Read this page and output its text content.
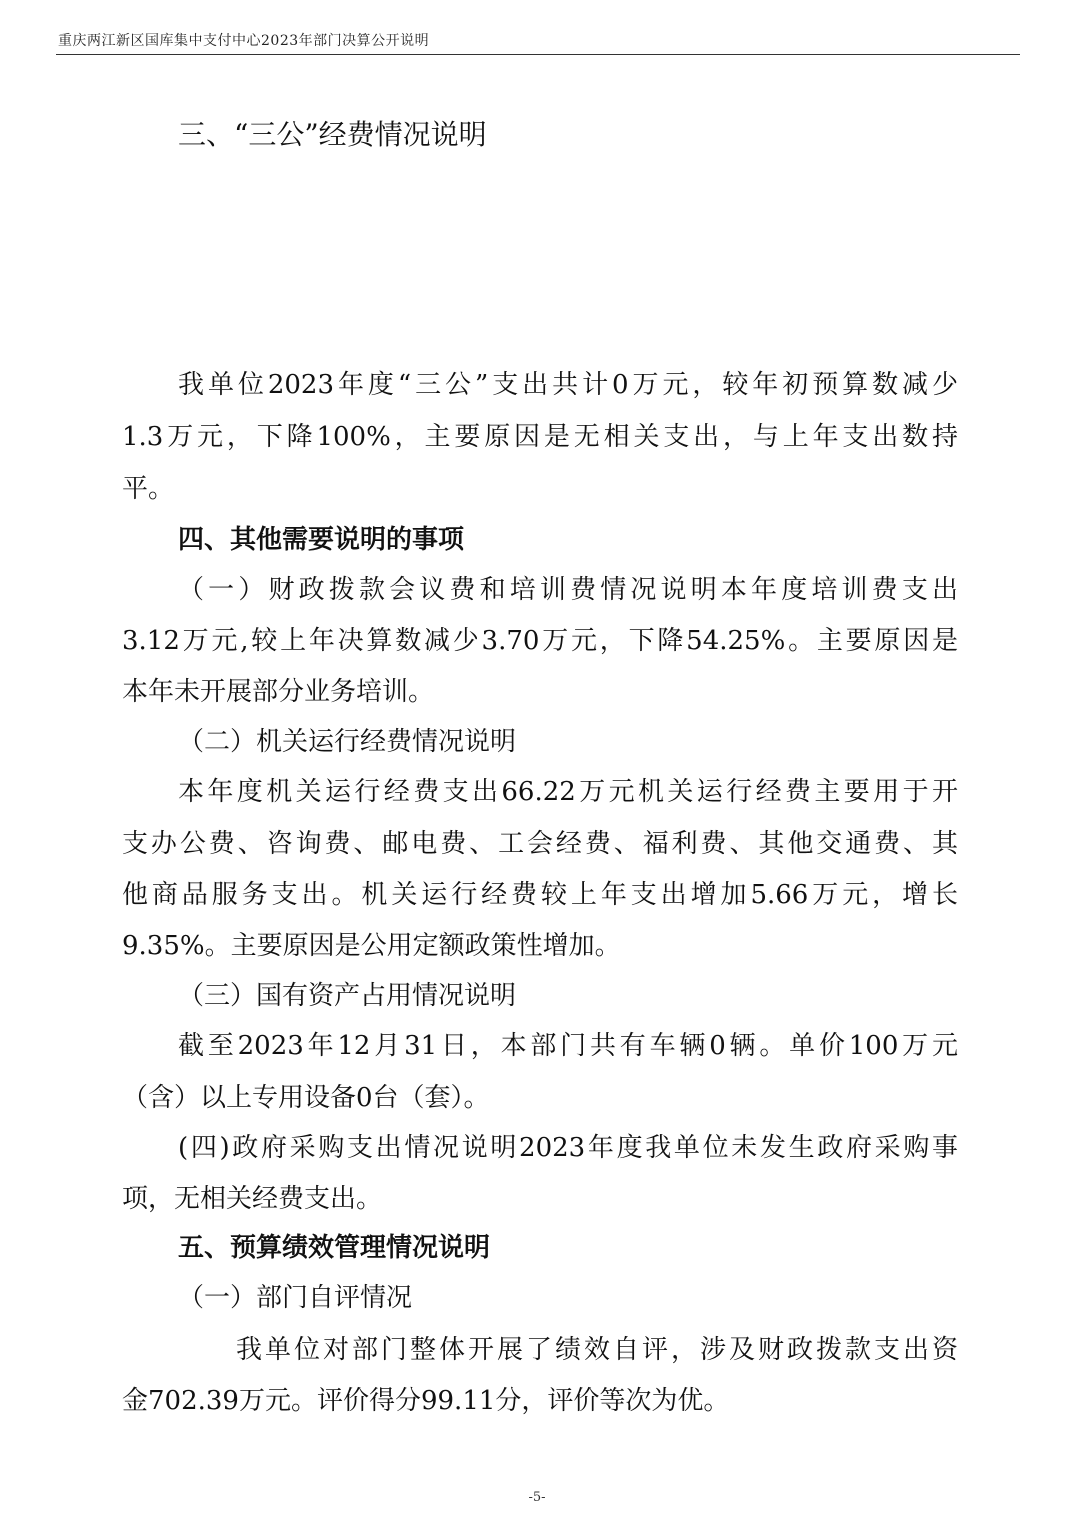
重庆两江新区国库集中支付中心2023年部门决算公开说明
三、“三公”经费情况说明
我单位2023年度“三公”支出共计0万元，较年初预算数减少
1.3万元，下降100%，主要原因是无相关支出，与上年支出数持
平。
四、其他需要说明的事项
（一）财政拨款会议费和培训费情况说明本年度培训费支出
3.12万元,较上年决算数减少3.70万元，下降54.25%。主要原因是
本年未开展部分业务培训。
（二）机关运行经费情况说明
本年度机关运行经费支出66.22万元机关运行经费主要用于开
支办公费、咨询费、邮电费、工会经费、福利费、其他交通费、其
他商品服务支出。机关运行经费较上年支出增加5.66万元，增长
9.35%。主要原因是公用定额政策性增加。
（三）国有资产占用情况说明
截至2023年12月31日，本部门共有车辆0辆。单价100万元
（含）以上专用设备0台（套）。
(四)政府采购支出情况说明2023年度我单位未发生政府采购事
项，无相关经费支出。
五、预算绩效管理情况说明
（一）部门自评情况
我单位对部门整体开展了绩效自评，涉及财政拨款支出资
金702.39万元。评价得分99.11分，评价等次为优。
-5-
